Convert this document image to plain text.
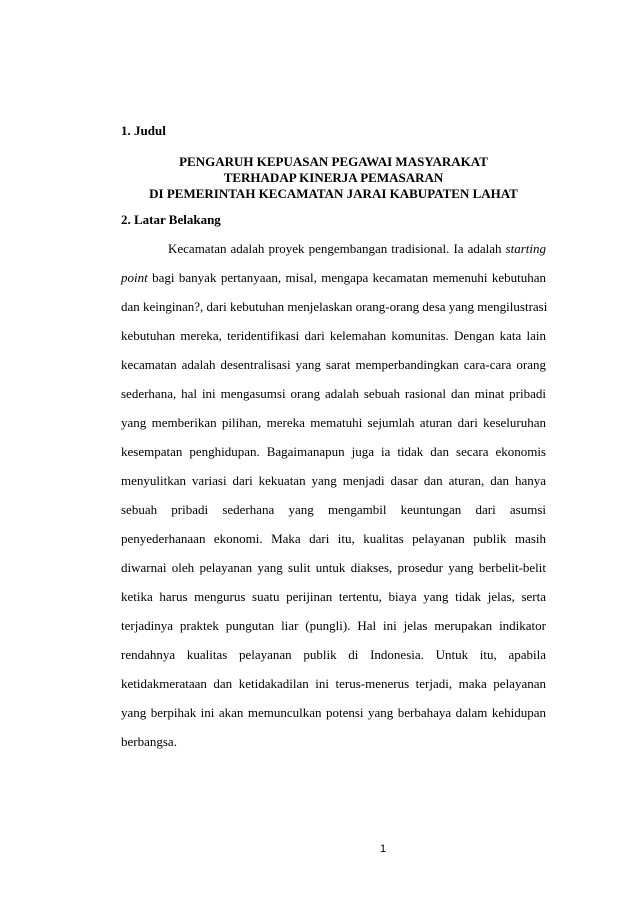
1. Judul
PENGARUH KEPUASAN PEGAWAI MASYARAKAT
TERHADAP KINERJA PEMASARAN
DI PEMERINTAH KECAMATAN JARAI KABUPATEN LAHAT
2. Latar Belakang
Kecamatan adalah proyek pengembangan tradisional. Ia adalah starting
point bagi banyak pertanyaan, misal, mengapa kecamatan memenuhi kebutuhan
dan keinginan?, dari kebutuhan menjelaskan orang-orang desa yang mengilustrasi
kebutuhan mereka, teridentifikasi dari kelemahan komunitas. Dengan kata lain
kecamatan adalah desentralisasi yang sarat memperbandingkan cara-cara orang
sederhana, hal ini mengasumsi orang adalah sebuah rasional dan minat pribadi
yang memberikan pilihan, mereka mematuhi sejumlah aturan dari keseluruhan
kesempatan penghidupan. Bagaimanapun juga ia tidak dan secara ekonomis
menyulitkan variasi dari kekuatan yang menjadi dasar dan aturan, dan hanya
sebuah pribadi sederhana yang mengambil keuntungan dari asumsi
penyederhanaan ekonomi. Maka dari itu, kualitas pelayanan publik masih
diwarnai oleh pelayanan yang sulit untuk diakses, prosedur yang berbelit-belit
ketika harus mengurus suatu perijinan tertentu, biaya yang tidak jelas, serta
terjadinya praktek pungutan liar (pungli). Hal ini jelas merupakan indikator
rendahnya kualitas pelayanan publik di Indonesia. Untuk itu, apabila
ketidakmerataan dan ketidakadilan ini terus-menerus terjadi, maka pelayanan
yang berpihak ini akan memunculkan potensi yang berbahaya dalam kehidupan
berbangsa.
1
